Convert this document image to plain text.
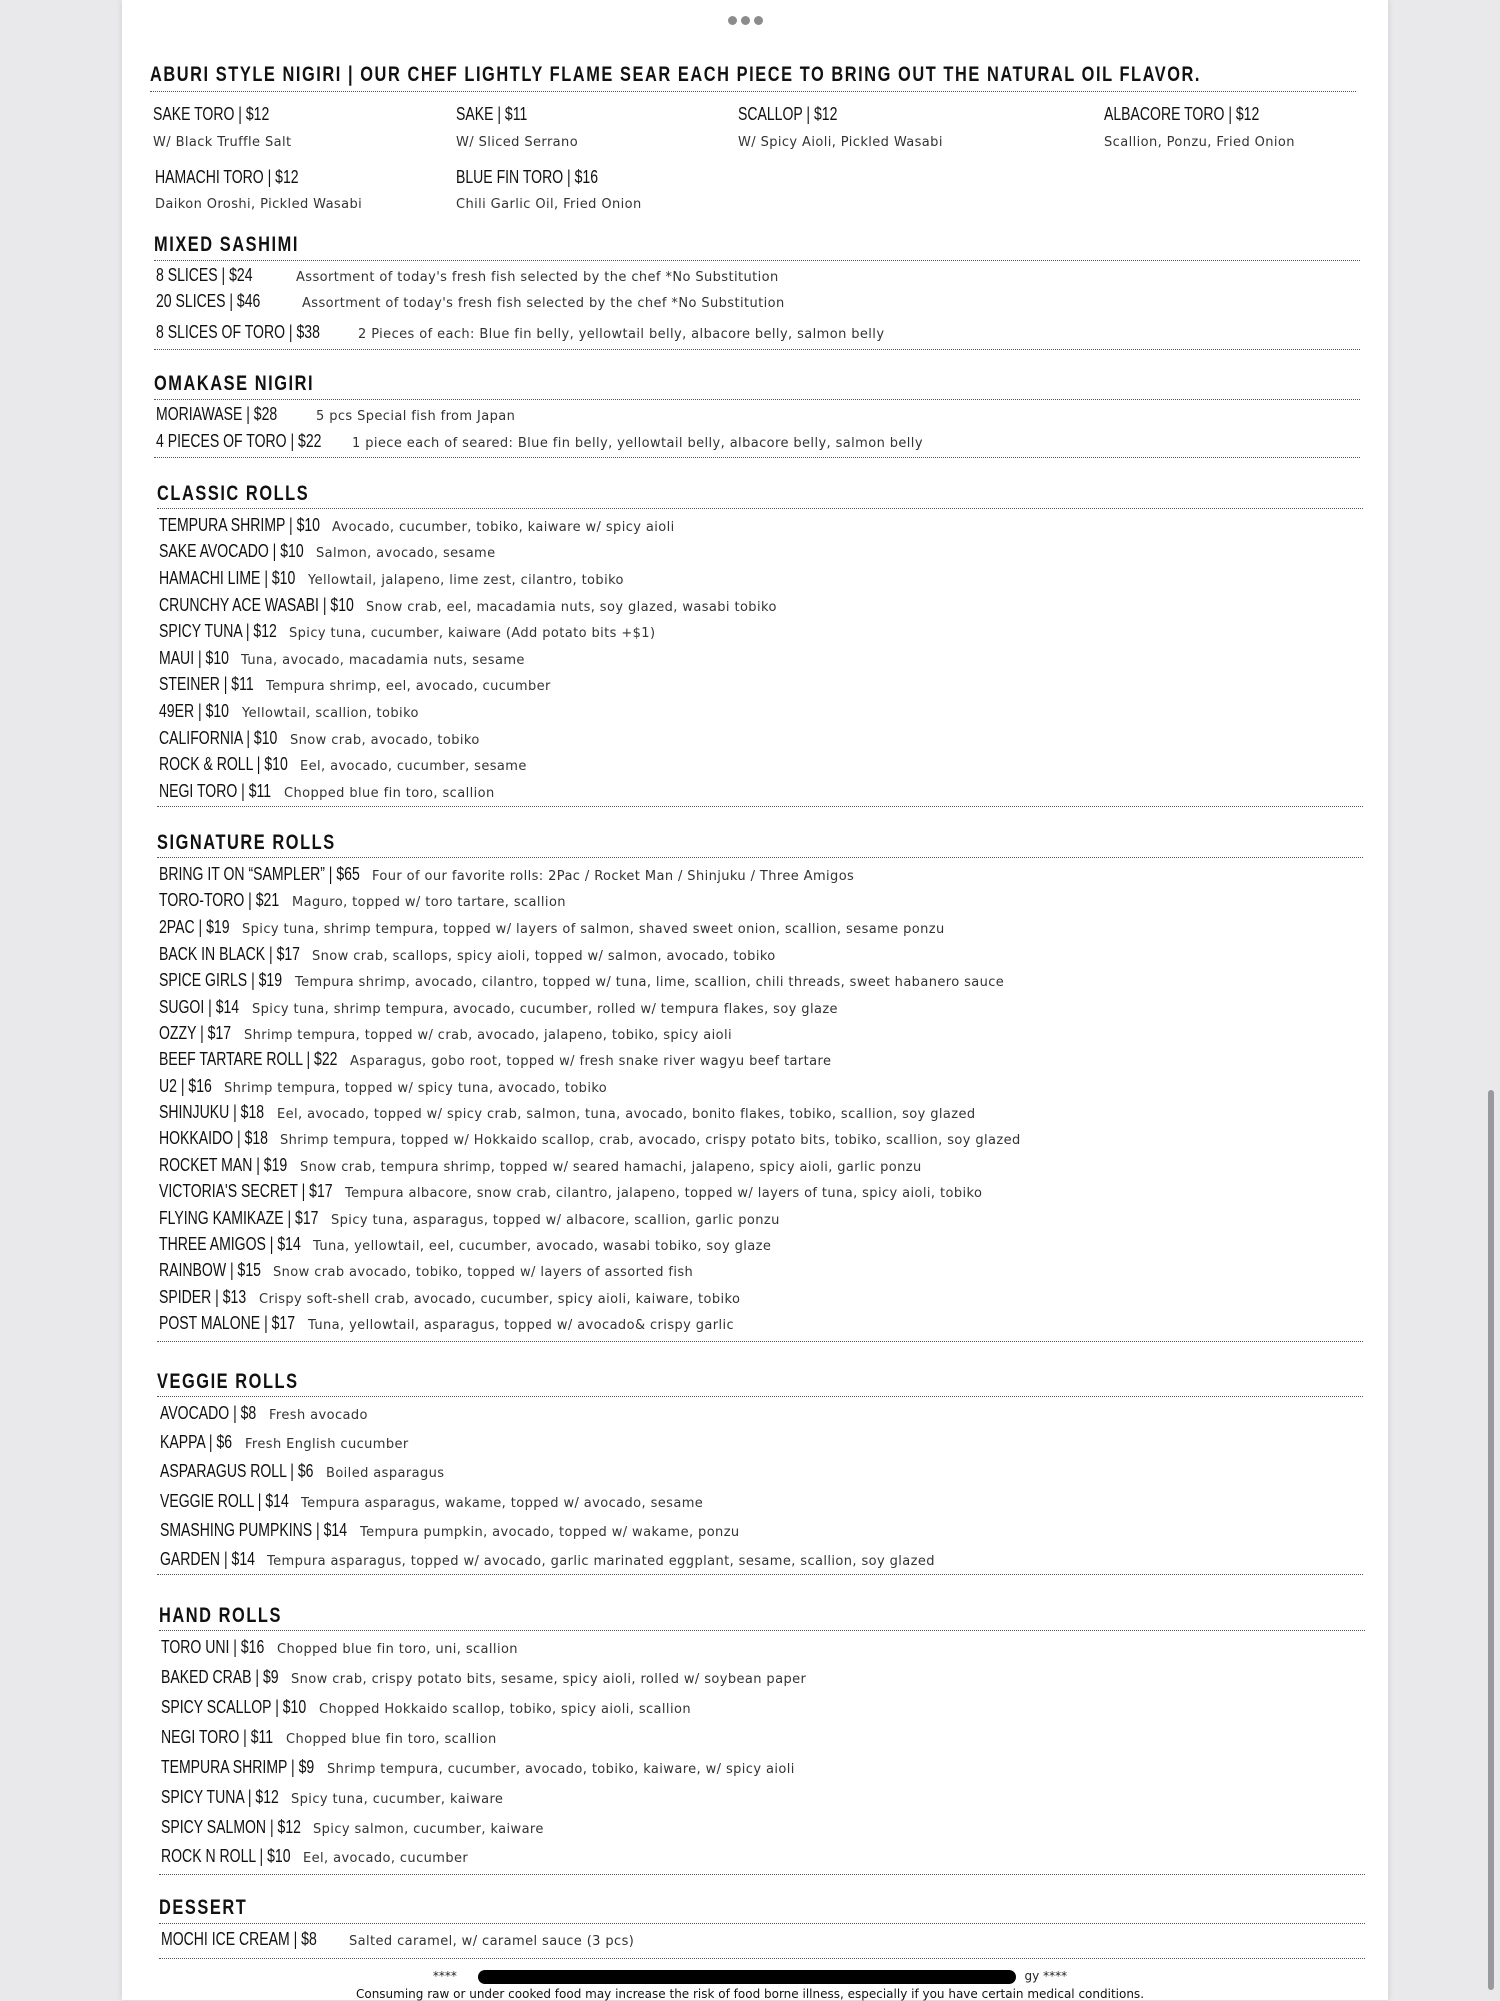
ABURI STYLE NIGIRI | OUR CHEF LIGHTLY FLAME SEAR EACH PIECE TO BRING OUT THE NATURAL OIL FLAVOR.
SAKE TORO | $12
W/ Black Truffle Salt
SAKE | $11
W/ Sliced Serrano
SCALLOP | $12
W/ Spicy Aioli, Pickled Wasabi
ALBACORE TORO | $12
Scallion, Ponzu, Fried Onion
HAMACHI TORO | $12
Daikon Oroshi, Pickled Wasabi
BLUE FIN TORO | $16
Chili Garlic Oil, Fried Onion
MIXED SASHIMI
8 SLICES | $24	Assortment of today's fresh fish selected by the chef *No Substitution
20 SLICES | $46	Assortment of today's fresh fish selected by the chef *No Substitution
8 SLICES OF TORO | $38	2 Pieces of each: Blue fin belly, yellowtail belly, albacore belly, salmon belly
OMAKASE NIGIRI
MORIAWASE | $28	5 pcs Special fish from Japan
4 PIECES OF TORO | $22 1 piece each of seared: Blue fin belly, yellowtail belly, albacore belly, salmon belly
CLASSIC ROLLS
TEMPURA SHRIMP | $10 Avocado, cucumber, tobiko, kaiware w/ spicy aioli
SAKE AVOCADO | $10 Salmon, avocado, sesame
HAMACHI LIME | $10 Yellowtail, jalapeno, lime zest, cilantro, tobiko
CRUNCHY ACE WASABI | $10 Snow crab, eel, macadamia nuts, soy glazed, wasabi tobiko
SPICY TUNA | $12 Spicy tuna, cucumber, kaiware (Add potato bits +$1)
MAUI | $10 Tuna, avocado, macadamia nuts, sesame
STEINER | $11 Tempura shrimp, eel, avocado, cucumber
49ER | $10 Yellowtail, scallion, tobiko
CALIFORNIA | $10 Snow crab, avocado, tobiko
ROCK & ROLL | $10 Eel, avocado, cucumber, sesame
NEGI TORO | $11 Chopped blue fin toro, scallion
SIGNATURE ROLLS
BRING IT ON “SAMPLER” | $65 Four of our favorite rolls: 2Pac / Rocket Man / Shinjuku / Three Amigos
TORO-TORO | $21 Maguro, topped w/ toro tartare, scallion
2PAC | $19 Spicy tuna, shrimp tempura, topped w/ layers of salmon, shaved sweet onion, scallion, sesame ponzu
BACK IN BLACK | $17 Snow crab, scallops, spicy aioli, topped w/ salmon, avocado, tobiko
SPICE GIRLS | $19 Tempura shrimp, avocado, cilantro, topped w/ tuna, lime, scallion, chili threads, sweet habanero sauce
SUGOI | $14 Spicy tuna, shrimp tempura, avocado, cucumber, rolled w/ tempura flakes, soy glaze
OZZY | $17 Shrimp tempura, topped w/ crab, avocado, jalapeno, tobiko, spicy aioli
BEEF TARTARE ROLL | $22 Asparagus, gobo root, topped w/ fresh snake river wagyu beef tartare
U2 | $16 Shrimp tempura, topped w/ spicy tuna, avocado, tobiko
SHINJUKU | $18 Eel, avocado, topped w/ spicy crab, salmon, tuna, avocado, bonito flakes, tobiko, scallion, soy glazed
HOKKAIDO | $18 Shrimp tempura, topped w/ Hokkaido scallop, crab, avocado, crispy potato bits, tobiko, scallion, soy glazed
ROCKET MAN | $19 Snow crab, tempura shrimp, topped w/ seared hamachi, jalapeno, spicy aioli, garlic ponzu
VICTORIA'S SECRET | $17 Tempura albacore, snow crab, cilantro, jalapeno, topped w/ layers of tuna, spicy aioli, tobiko
FLYING KAMIKAZE | $17 Spicy tuna, asparagus, topped w/ albacore, scallion, garlic ponzu
THREE AMIGOS | $14 Tuna, yellowtail, eel, cucumber, avocado, wasabi tobiko, soy glaze
RAINBOW | $15 Snow crab avocado, tobiko, topped w/ layers of assorted fish
SPIDER | $13 Crispy soft-shell crab, avocado, cucumber, spicy aioli, kaiware, tobiko
POST MALONE | $17 Tuna, yellowtail, asparagus, topped w/ avocado& crispy garlic
VEGGIE ROLLS
AVOCADO | $8 Fresh avocado
KAPPA | $6 Fresh English cucumber
ASPARAGUS ROLL | $6 Boiled asparagus
VEGGIE ROLL | $14 Tempura asparagus, wakame, topped w/ avocado, sesame
SMASHING PUMPKINS | $14 Tempura pumpkin, avocado, topped w/ wakame, ponzu
GARDEN | $14 Tempura asparagus, topped w/ avocado, garlic marinated eggplant, sesame, scallion, soy glazed
HAND ROLLS
TORO UNI | $16 Chopped blue fin toro, uni, scallion
BAKED CRAB | $9 Snow crab, crispy potato bits, sesame, spicy aioli, rolled w/ soybean paper
SPICY SCALLOP | $10 Chopped Hokkaido scallop, tobiko, spicy aioli, scallion
NEGI TORO | $11 Chopped blue fin toro, scallion
TEMPURA SHRIMP | $9 Shrimp tempura, cucumber, avocado, tobiko, kaiware, w/ spicy aioli
SPICY TUNA | $12 Spicy tuna, cucumber, kaiware
SPICY SALMON | $12 Spicy salmon, cucumber, kaiware
ROCK N ROLL | $10 Eel, avocado, cucumber
DESSERT
MOCHI ICE CREAM | $8 Salted caramel, w/ caramel sauce (3 pcs)
****	gy ****
Consuming raw or under cooked food may increase the risk of food borne illness, especially if you have certain medical conditions.
